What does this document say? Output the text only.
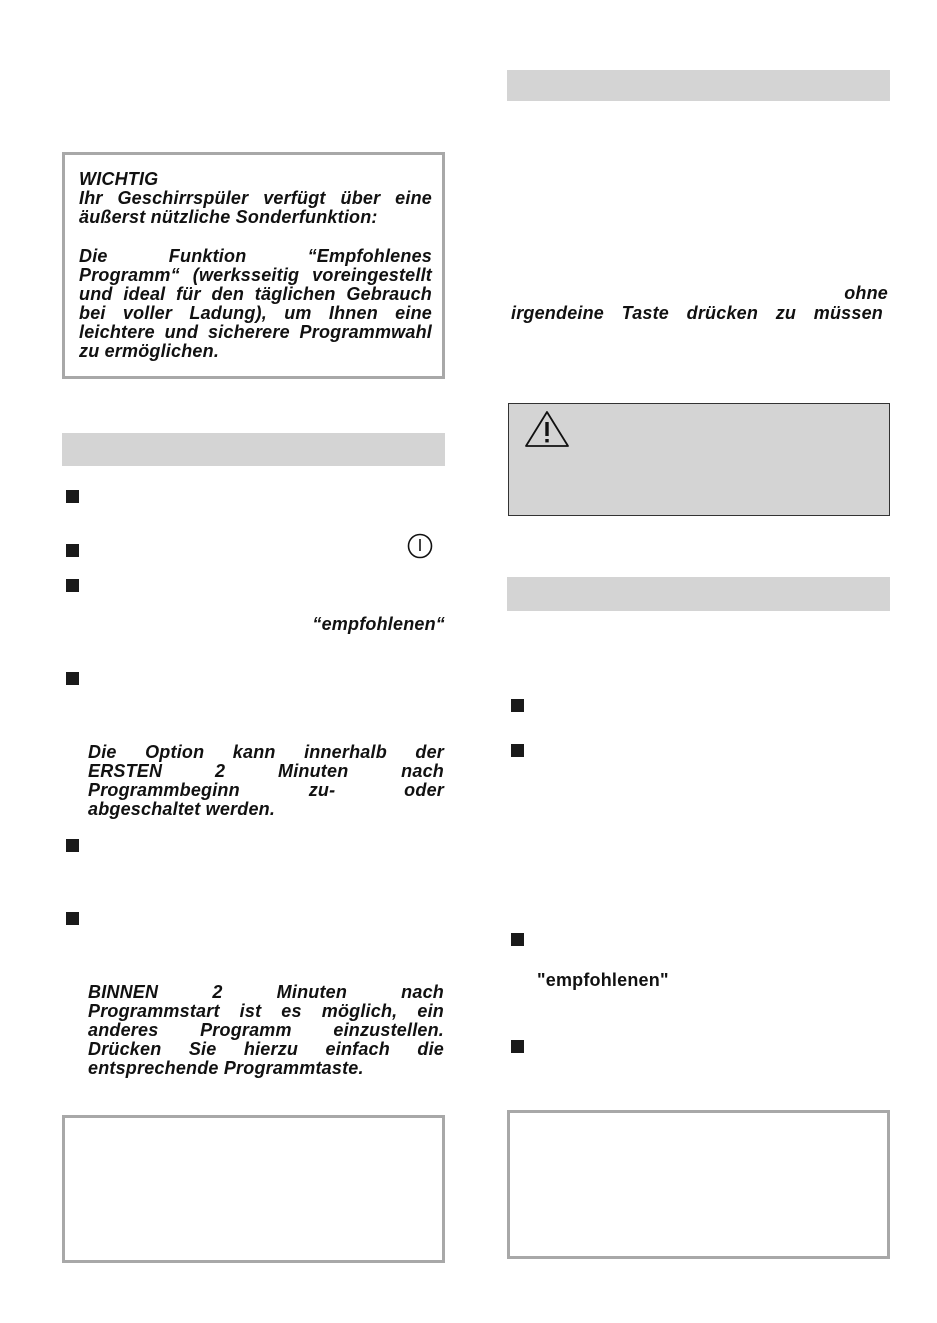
WICHTIG
Ihr Geschirrspüler verfügt über eine
äußerst nützliche Sonderfunktion:
Die Funktion “Empfohlenes
Programm“ (werksseitig voreingestellt
und ideal für den täglichen Gebrauch
bei voller Ladung), um Ihnen eine
leichtere und sicherere Programmwahl
zu ermöglichen.
“empfohlenen“
Die Option kann innerhalb der
ERSTEN 2 Minuten nach
Programmbeginn zu- oder
abgeschaltet werden.
BINNEN 2 Minuten nach
Programmstart ist es möglich, ein
anderes Programm einzustellen.
Drücken Sie hierzu einfach die
entsprechende Programmtaste.
ohne
irgendeine Taste drücken zu müssen
"empfohlenen"
